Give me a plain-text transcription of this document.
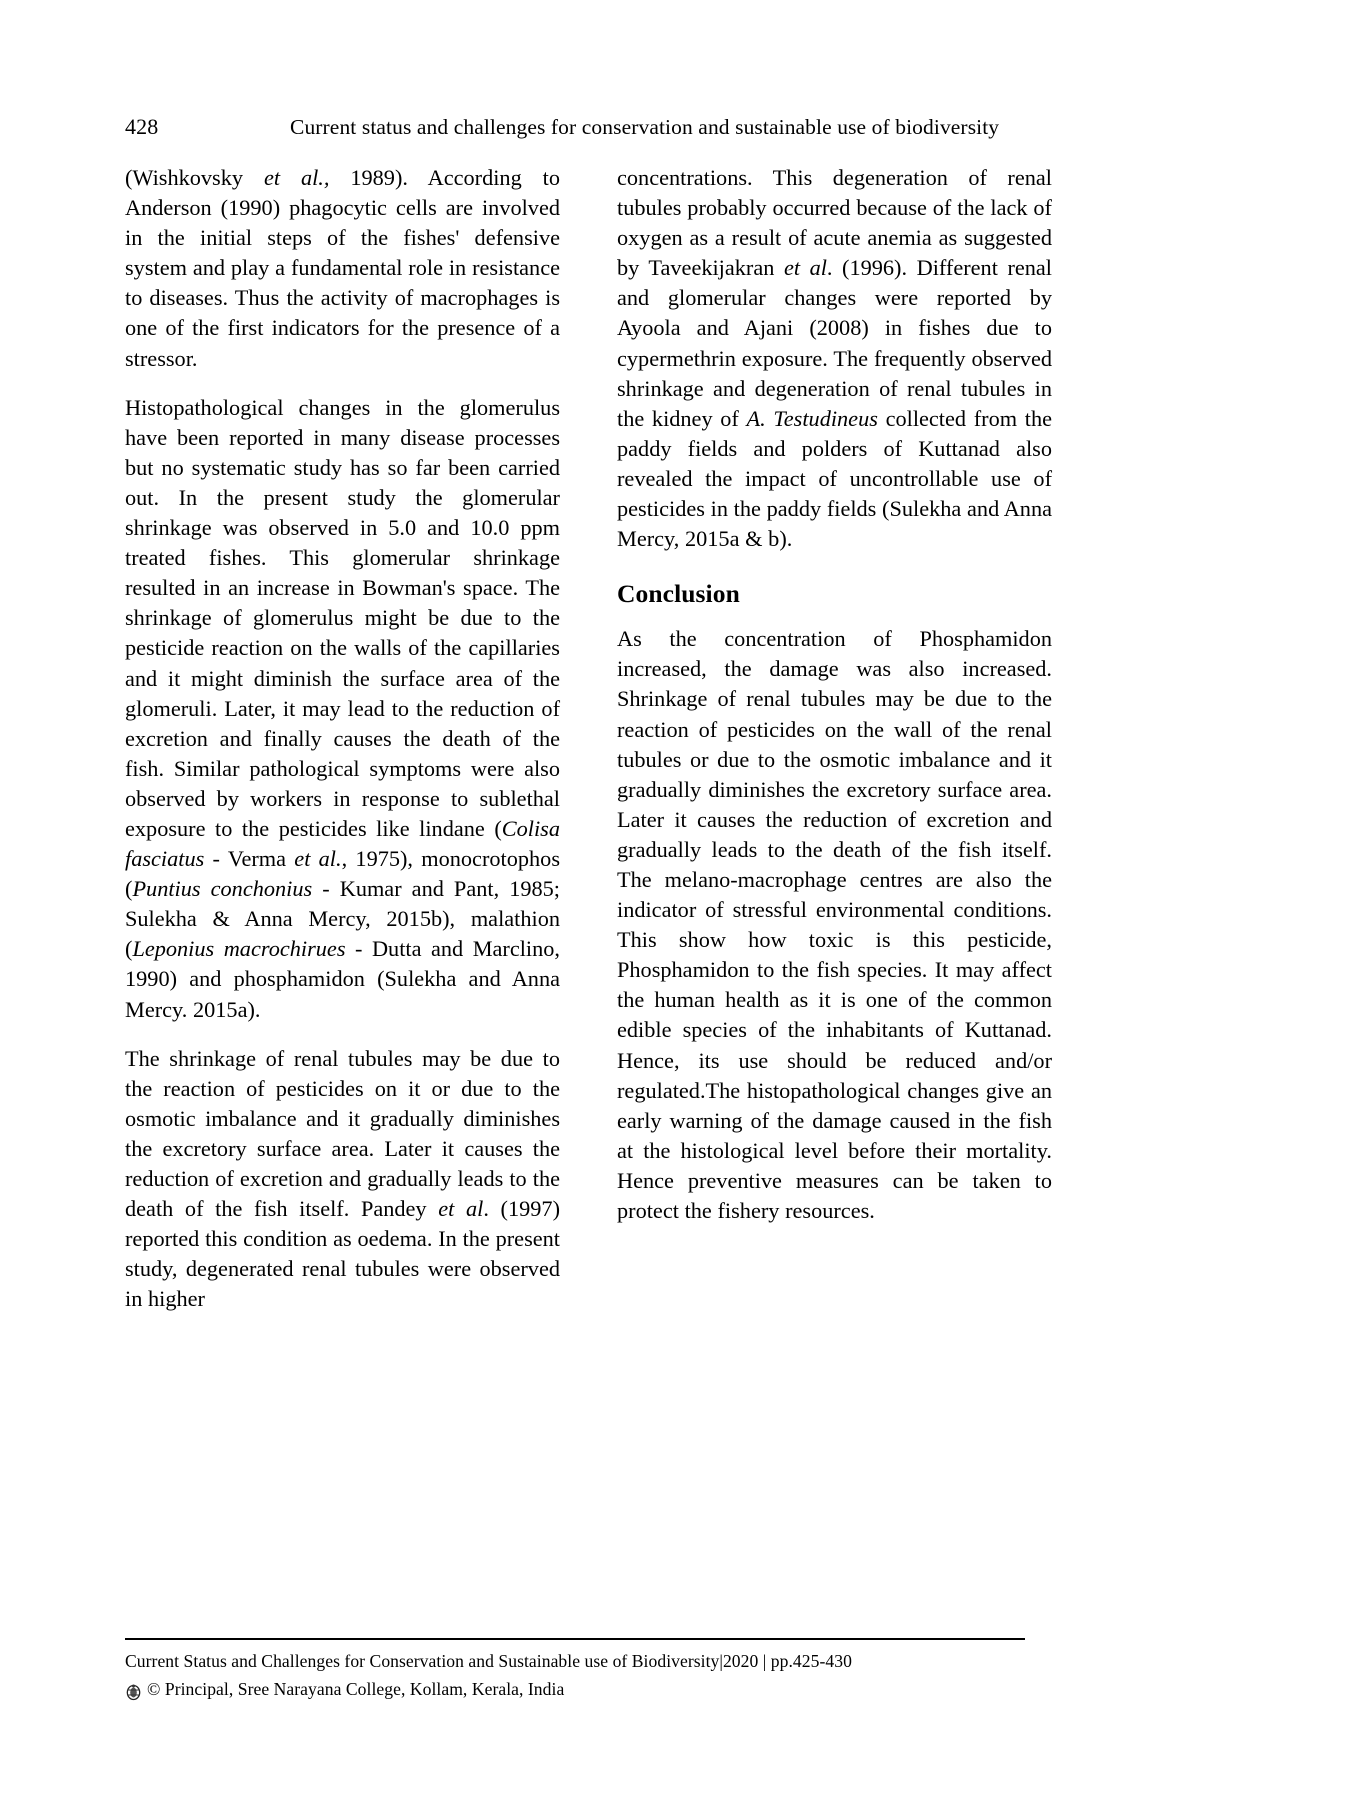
428	Current status and challenges for conservation and sustainable use of biodiversity

(Wishkovsky et al., 1989). According to Anderson (1990) phagocytic cells are involved in the initial steps of the fishes' defensive system and play a fundamental role in resistance to diseases. Thus the activity of macrophages is one of the first indicators for the presence of a stressor.

Histopathological changes in the glomerulus have been reported in many disease processes but no systematic study has so far been carried out. In the present study the glomerular shrinkage was observed in 5.0 and 10.0 ppm treated fishes. This glomerular shrinkage resulted in an increase in Bowman's space. The shrinkage of glomerulus might be due to the pesticide reaction on the walls of the capillaries and it might diminish the surface area of the glomeruli. Later, it may lead to the reduction of excretion and finally causes the death of the fish. Similar pathological symptoms were also observed by workers in response to sublethal exposure to the pesticides like lindane (Colisa fasciatus - Verma et al., 1975), monocrotophos (Puntius conchonius - Kumar and Pant, 1985; Sulekha & Anna Mercy, 2015b), malathion (Leponius macrochirues - Dutta and Marclino, 1990) and phosphamidon (Sulekha and Anna Mercy. 2015a).

The shrinkage of renal tubules may be due to the reaction of pesticides on it or due to the osmotic imbalance and it gradually diminishes the excretory surface area. Later it causes the reduction of excretion and gradually leads to the death of the fish itself. Pandey et al. (1997) reported this condition as oedema. In the present study, degenerated renal tubules were observed in higher

concentrations. This degeneration of renal tubules probably occurred because of the lack of oxygen as a result of acute anemia as suggested by Taveekijakran et al. (1996). Different renal and glomerular changes were reported by Ayoola and Ajani (2008) in fishes due to cypermethrin exposure. The frequently observed shrinkage and degeneration of renal tubules in the kidney of A. Testudineus collected from the paddy fields and polders of Kuttanad also revealed the impact of uncontrollable use of pesticides in the paddy fields (Sulekha and Anna Mercy, 2015a & b).

Conclusion

As the concentration of Phosphamidon increased, the damage was also increased. Shrinkage of renal tubules may be due to the reaction of pesticides on the wall of the renal tubules or due to the osmotic imbalance and it gradually diminishes the excretory surface area. Later it causes the reduction of excretion and gradually leads to the death of the fish itself. The melano-macrophage centres are also the indicator of stressful environmental conditions. This show how toxic is this pesticide, Phosphamidon to the fish species. It may affect the human health as it is one of the common edible species of the inhabitants of Kuttanad. Hence, its use should be reduced and/or regulated.The histopathological changes give an early warning of the damage caused in the fish at the histological level before their mortality. Hence preventive measures can be taken to protect the fishery resources.

Current Status and Challenges for Conservation and Sustainable use of Biodiversity|2020 | pp.425-430
© Principal, Sree Narayana College, Kollam, Kerala, India
